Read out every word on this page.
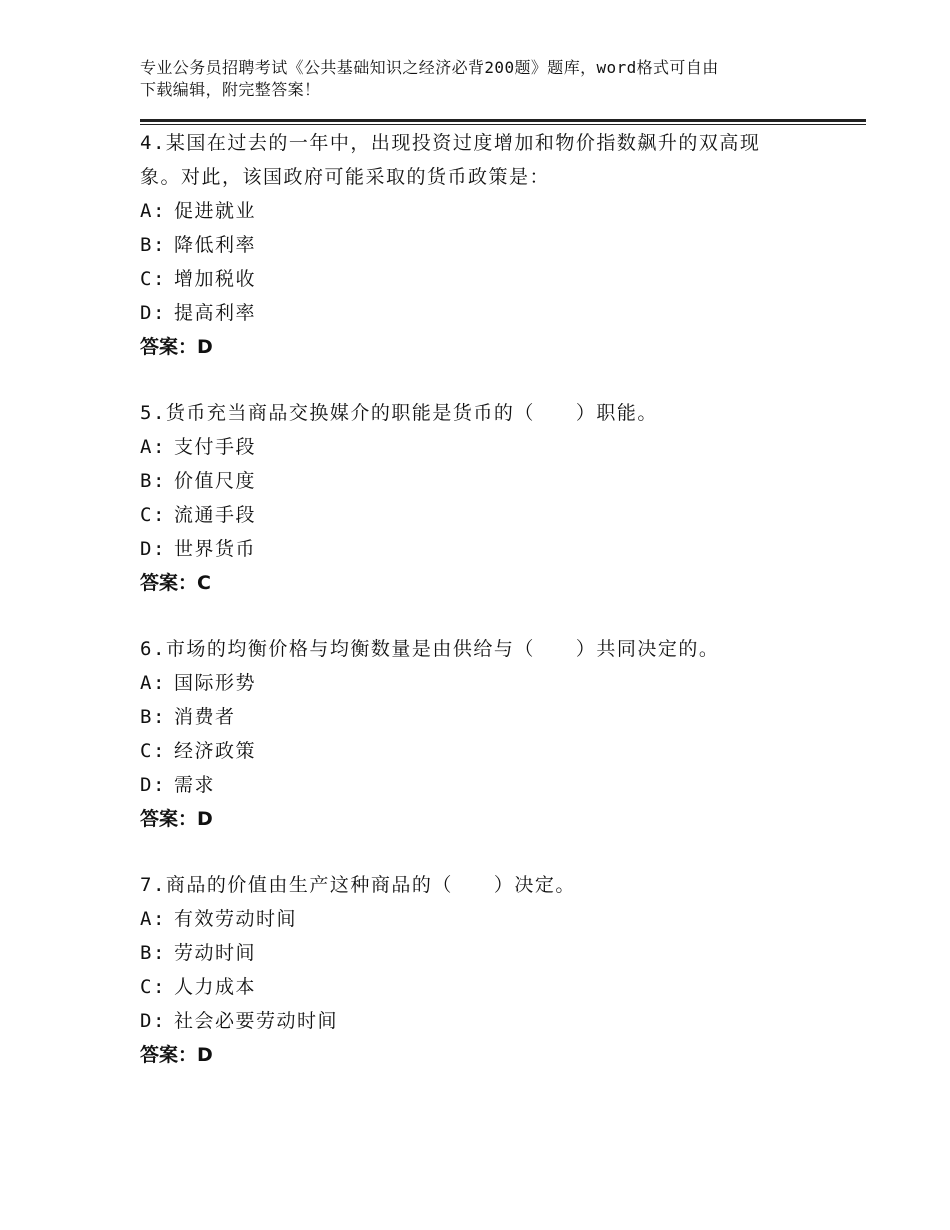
专业公务员招聘考试《公共基础知识之经济必背200题》题库，word格式可自由
下载编辑，附完整答案！
4.某国在过去的一年中，出现投资过度增加和物价指数飙升的双高现
象。对此，该国政府可能采取的货币政策是：
A: 促进就业
B: 降低利率
C: 增加税收
D: 提高利率
答案：D
5.货币充当商品交换媒介的职能是货币的（　　）职能。
A: 支付手段
B: 价值尺度
C: 流通手段
D: 世界货币
答案：C
6.市场的均衡价格与均衡数量是由供给与（　　）共同决定的。
A: 国际形势
B: 消费者
C: 经济政策
D: 需求
答案：D
7.商品的价值由生产这种商品的（　　）决定。
A: 有效劳动时间
B: 劳动时间
C: 人力成本
D: 社会必要劳动时间
答案：D
